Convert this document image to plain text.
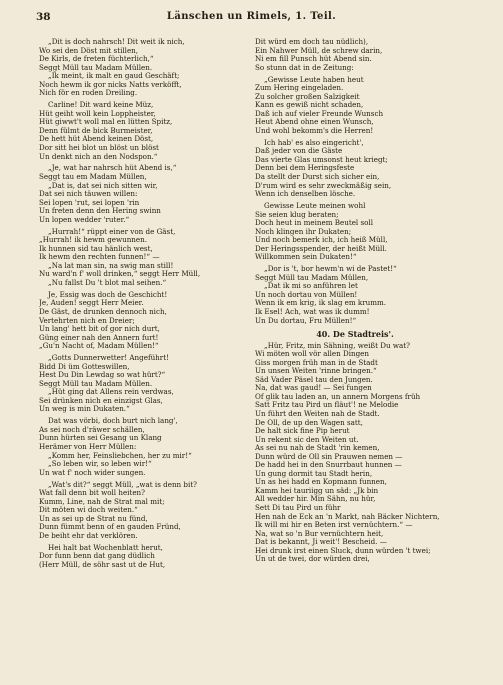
38	Länschen un Rimels, 1. Teil.
„Dit is doch nahrsch! Dit weit ik nich,
Wo sei den Döst mit stillen,
De Kirls, de freten füchterlich,“
Seggt Müll tau Madam Müllen.
„Ik meint, ik malt en gaud Geschäft;
Noch hewm ik gor nicks Natts verköfft,
Nich för en roden Dreiling.
Carline! Dit ward keine Müz,
Hüt geiht woll kein Loppheister,
Hüt giwwt't woll mal en lütten Spitz,
Denn fülmt de bick Burmeister,
De hett hüt Abend keinen Döst,
Dor sitt hei blot un blöst un blöst
Un denkt nich an den Nodspon.“
„Je, wat har nahrsch hüt Abend is,“
Seggt tau em Madam Müllen,
„Dat is, dat sei nich sitten wir,
Dat sei nich täuwen willen:
Sei lopen 'rut, sei lopen 'rin
Un freten denn den Hering swinn
Un lopen wedder 'ruter.“
„Hurrah!“ rüppt einer von de Gäst,
„Hurrah! ik hewm gewunnen.
Ik hunnen sid tau hänlich west,
Ik hewm den rechten funnen!“ —
„Na lat man sin, na swig man still!
Nu ward'n f' woll drinken,“ seggt Herr Müll,
„Nu fallst Du 't blot mal seihen.“
Je, Essig was doch de Geschicht!
Je, Auden! seggt Herr Meier.
De Gäst, de drunken dennoch nich,
Vertehrten nich en Dreier;
Un lang' hett bit of gor nich durt,
Güng einer nah den Annern furt!
„Gu'n Nacht of, Madam Müllen!“
„Gotts Dunnerwetter! Angeführt!
Bidd Di üm Gotteswillen,
Hest Du Din Lewdag so wat hürt?“
Seggt Müll tau Madam Müllen.
„Hüt ging dat Allens rein verdwas,
Sei drünken nich en einzigst Glas,
Un weg is min Dukaten.“
Dat was vörbi, doch burt nich lang',
As sei noch d'räwer schällen,
Dunn hürten sei Gesang un Klang
Herämer von Herr Müllen:
„Komm her, Feinsliebchen, her zu mir!“
„So leben wir, so leben wir!“
Un wat f' noch wider sungen.
„Wat's dit?“ seggt Müll, „wat is denn bit?
Wat fall denn bit woll heiten?
Kumm, Line, nah de Strat mal mit;
Dit möten wi doch weiten.“
Un as sei up de Strat nu fünd,
Dunn fümmt benn of en gauden Fründ,
De beiht ehr dat verklören.
Hei halt bat Wochenblatt herut,
Dor funn benn dat gang düdlich
(Herr Müll, de söhr sast ut de Hut,
Dit würd em doch tau nüdlich),
Ein Nahwer Müll, de schrew darin,
Ni em fill Punsch hüt Abend sin.
So stunn dat in de Zeitung:
„Gewisse Leute haben heut
Zum Hering eingeladen.
Zu solcher großen Salzigkeit
Kann es gewiß nicht schaden,
Daß ich auf vieler Freunde Wunsch
Heut Abend ohne einen Wunsch,
Und wohl bekomm's die Herren!
Ich hab' es also eingericht',
Daß jeder von die Gäste
Das vierte Glas umsonst heut kriegt;
Denn bei dem Heringsfeste
Da stellt der Durst sich sicher ein,
D'rum wird es sehr zweckmäßig sein,
Wenn ich denselben lösche.
Gewisse Leute meinen wohl
Sie seien klug beraten;
Doch heut in meinem Beutel soll
Noch klingen ihr Dukaten;
Und noch bemerk ich, ich heiß Müll,
Der Heringsspender, der heißt Müll.
Willkommen sein Dukaten!“
„Dor is 't, bor hewm'n wi de Pastet!“
Seggt Müll tau Madam Müllen,
„Dat ik mi so anführen let
Un noch dortau von Müllen!
Wenn ik em krig, ik slag em krumm.
Ik Esel! Ach, wat was ik dumm!
Un Du dortau, Fru Müllen!“
40. De Stadtreis'.
„Hür, Fritz, min Sähning, weißt Du wat?
Wi möten woll vör allen Dingen
Giss morgen früh man in de Stadt
Un unsen Weiten 'rinne bringen.“
Säd Vader Päsel tau den Jungen.
Na, dat was gaud! — Sei fungen
Of glik tau laden an, un annern Morgens früh
Satt Fritz tau Pird un fläut'! ne Melodie
Un führt den Weiten nah de Stadt.
De Oll, de up den Wagen satt,
De halt sick fine Pip herut
Un rekent sic den Weiten ut.
As sei nu nah de Stadt 'rin kemen,
Dunn würd de Oll sin Prauwen nemen —
De hadd hei in den Snurrbaut hunnen —
Un gung dormit tau Stadt herin,
Un as hei hadd en Kopmann funnen,
Kamm hei tauriigg un säd: „Jk bin
All wedder hir. Min Sähn, nu hür,
Sett Di tau Pird un führ
Hen nah de Eck an 'n Markt, nah Bäcker Nichtern,
Ik will mi hir en Beten irst vernüchtern.“ —
Na, wat so 'n Bur vernüchtern heit,
Dat is bekannt, Ji weit'! Bescheid. —
Hei drunk irst einen Sluck, dunn würden 't twei;
Un ut de twei, dor würden drei,
